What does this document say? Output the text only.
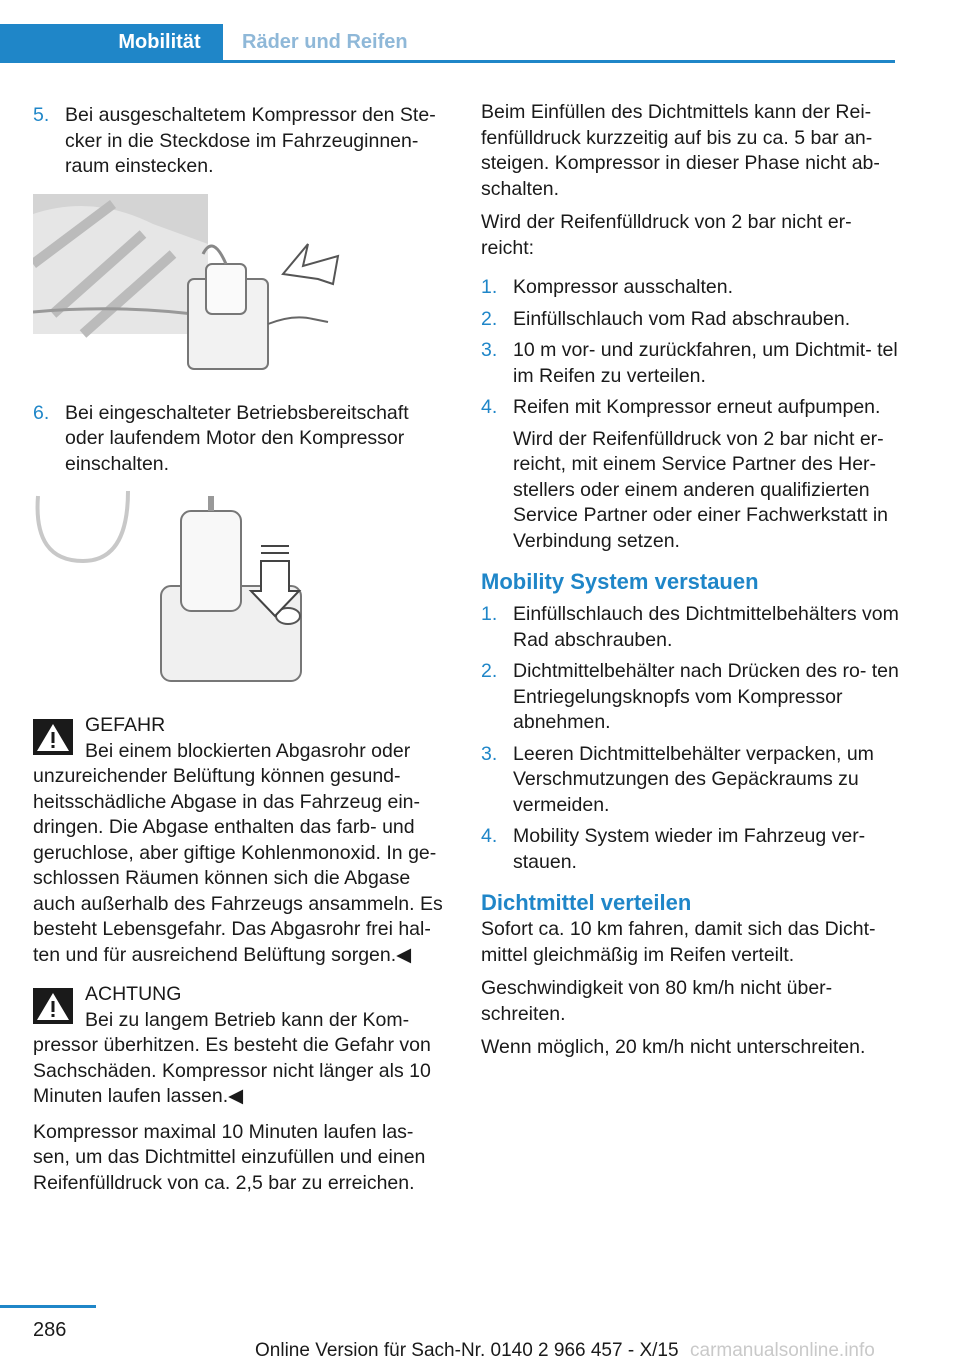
Mobilität	Räder und Reifen
5. Bei ausgeschaltetem Kompressor den Ste- cker in die Steckdose im Fahrzeuginnen- raum einstecken.
6. Bei eingeschalteter Betriebsbereitschaft oder laufendem Motor den Kompressor einschalten.
GEFAHR
Bei einem blockierten Abgasrohr oder unzureichender Belüftung können gesund- heitsschädliche Abgase in das Fahrzeug ein- dringen. Die Abgase enthalten das farb- und geruchlose, aber giftige Kohlenmonoxid. In ge- schlossen Räumen können sich die Abgase auch außerhalb des Fahrzeugs ansammeln. Es besteht Lebensgefahr. Das Abgasrohr frei hal- ten und für ausreichend Belüftung sorgen.◀
ACHTUNG
Bei zu langem Betrieb kann der Kom- pressor überhitzen. Es besteht die Gefahr von Sachschäden. Kompressor nicht länger als 10 Minuten laufen lassen.◀

Kompressor maximal 10 Minuten laufen las- sen, um das Dichtmittel einzufüllen und einen Reifenfülldruck von ca. 2,5 bar zu erreichen.

Beim Einfüllen des Dichtmittels kann der Rei- fenfülldruck kurzzeitig auf bis zu ca. 5 bar an- steigen. Kompressor in dieser Phase nicht ab- schalten.

Wird der Reifenfülldruck von 2 bar nicht er- reicht:

1. Kompressor ausschalten.
2. Einfüllschlauch vom Rad abschrauben.
3. 10 m vor- und zurückfahren, um Dichtmit- tel im Reifen zu verteilen.
4. Reifen mit Kompressor erneut aufpumpen.
Wird der Reifenfülldruck von 2 bar nicht er- reicht, mit einem Service Partner des Her- stellers oder einem anderen qualifizierten Service Partner oder einer Fachwerkstatt in Verbindung setzen.
Mobility System verstauen
1. Einfüllschlauch des Dichtmittelbehälters vom Rad abschrauben.
2. Dichtmittelbehälter nach Drücken des ro- ten Entriegelungsknopfs vom Kompressor abnehmen.
3. Leeren Dichtmittelbehälter verpacken, um Verschmutzungen des Gepäckraums zu vermeiden.
4. Mobility System wieder im Fahrzeug ver- stauen.
Dichtmittel verteilen

Sofort ca. 10 km fahren, damit sich das Dicht- mittel gleichmäßig im Reifen verteilt.

Geschwindigkeit von 80 km/h nicht über- schreiten.

Wenn möglich, 20 km/h nicht unterschreiten.

286
Online Version für Sach-Nr. 0140 2 966 457 - X/15 carmanualsonline.info
